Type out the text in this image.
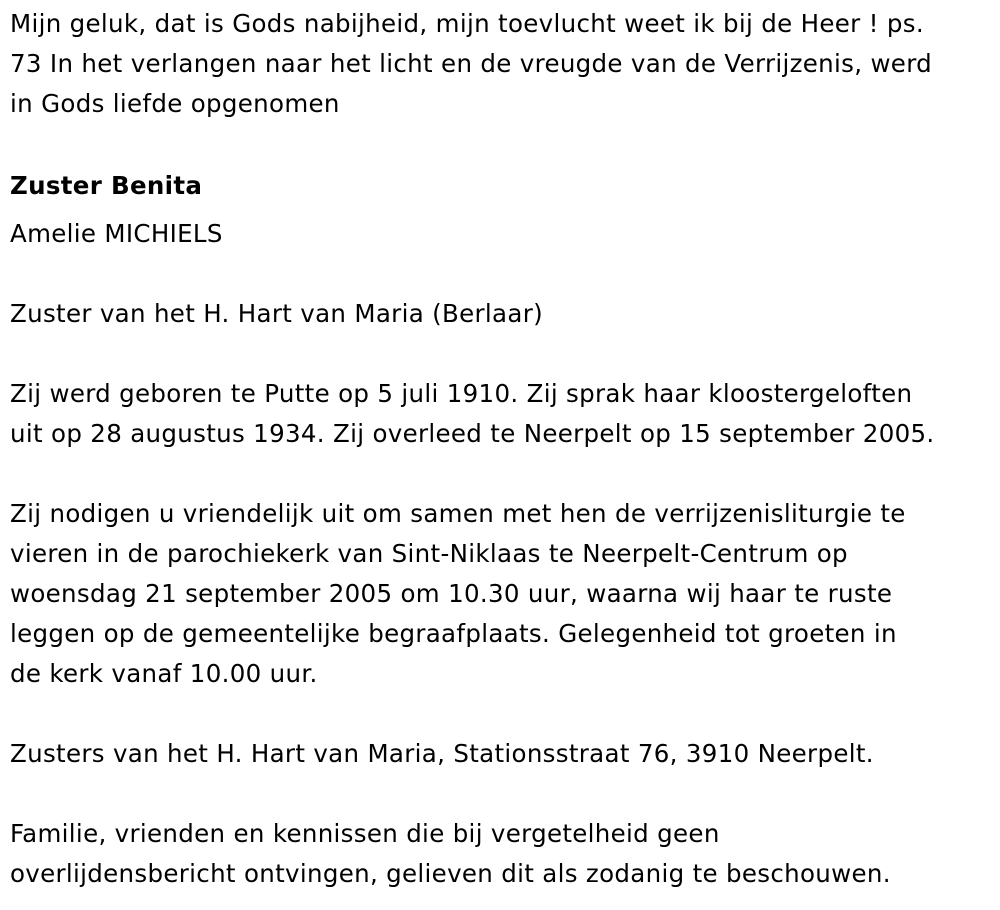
Mijn geluk, dat is Gods nabijheid, mijn toevlucht weet ik bij de Heer ! ps.
73 In het verlangen naar het licht en de vreugde van de Verrijzenis, werd
in Gods liefde opgenomen

Zuster Benita

Amelie MICHIELS

Zuster van het H. Hart van Maria (Berlaar)

Zij werd geboren te Putte op 5 juli 1910. Zij sprak haar kloostergeloften
uit op 28 augustus 1934. Zij overleed te Neerpelt op 15 september 2005.

Zij nodigen u vriendelijk uit om samen met hen de verrijzenisliturgie te
vieren in de parochiekerk van Sint-Niklaas te Neerpelt-Centrum op
woensdag 21 september 2005 om 10.30 uur, waarna wij haar te ruste
leggen op de gemeentelijke begraafplaats. Gelegenheid tot groeten in
de kerk vanaf 10.00 uur.

Zusters van het H. Hart van Maria, Stationsstraat 76, 3910 Neerpelt.

Familie, vrienden en kennissen die bij vergetelheid geen
overlijdensbericht ontvingen, gelieven dit als zodanig te beschouwen.
